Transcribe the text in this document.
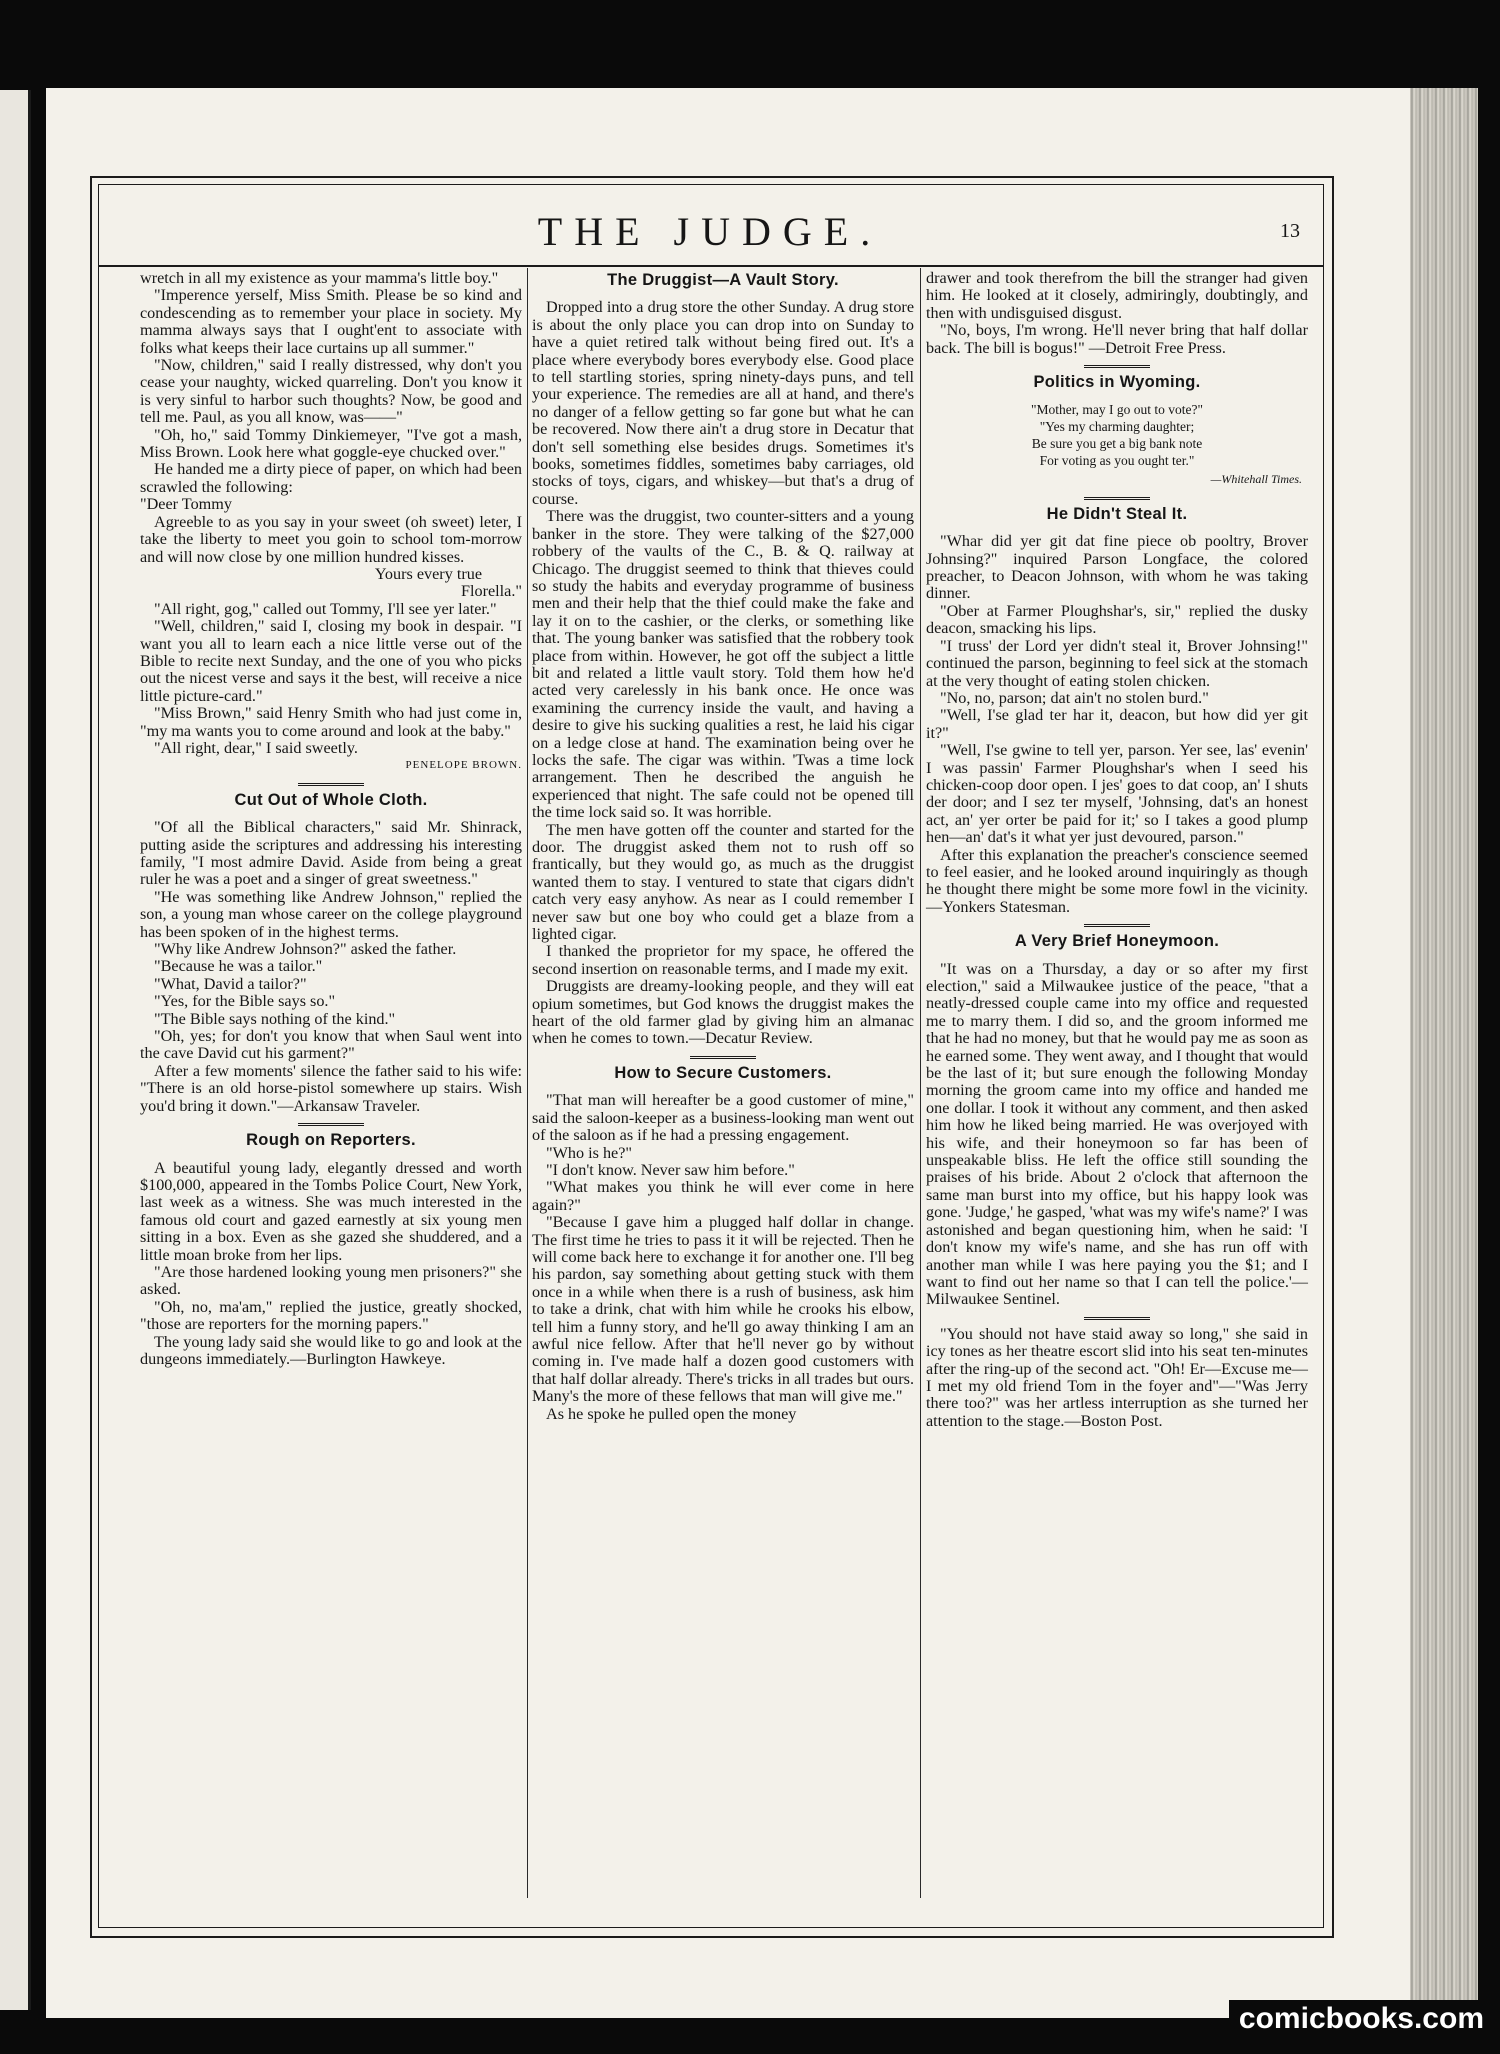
THE JUDGE.	13

wretch in all my existence as your mamma's little boy."

"Imperence yerself, Miss Smith. Please be so kind and condescending as to remember your place in society. My mamma always says that I ought'ent to associate with folks what keeps their lace curtains up all summer."

"Now, children," said I really distressed, why don't you cease your naughty, wicked quarreling. Don't you know it is very sinful to harbor such thoughts? Now, be good and tell me. Paul, as you all know, was——"

"Oh, ho," said Tommy Dinkiemeyer, "I've got a mash, Miss Brown. Look here what goggle-eye chucked over."

He handed me a dirty piece of paper, on which had been scrawled the following:

"Deer Tommy

Agreeble to as you say in your sweet (oh sweet) leter, I take the liberty to meet you goin to school tom-morrow and will now close by one million hundred kisses.

Yours every true

Florella."

"All right, gog," called out Tommy, I'll see yer later."

"Well, children," said I, closing my book in despair. "I want you all to learn each a nice little verse out of the Bible to recite next Sunday, and the one of you who picks out the nicest verse and says it the best, will receive a nice little picture-card."

"Miss Brown," said Henry Smith who had just come in, "my ma wants you to come around and look at the baby."

"All right, dear," I said sweetly.

PENELOPE BROWN.

Cut Out of Whole Cloth.

"Of all the Biblical characters," said Mr. Shinrack, putting aside the scriptures and addressing his interesting family, "I most admire David. Aside from being a great ruler he was a poet and a singer of great sweetness."

"He was something like Andrew Johnson," replied the son, a young man whose career on the college playground has been spoken of in the highest terms.

"Why like Andrew Johnson?" asked the father.

"Because he was a tailor."

"What, David a tailor?"

"Yes, for the Bible says so."

"The Bible says nothing of the kind."

"Oh, yes; for don't you know that when Saul went into the cave David cut his garment?"

After a few moments' silence the father said to his wife: "There is an old horse-pistol somewhere up stairs. Wish you'd bring it down."—Arkansaw Traveler.

Rough on Reporters.

A beautiful young lady, elegantly dressed and worth $100,000, appeared in the Tombs Police Court, New York, last week as a witness. She was much interested in the famous old court and gazed earnestly at six young men sitting in a box. Even as she gazed she shuddered, and a little moan broke from her lips.

"Are those hardened looking young men prisoners?" she asked.

"Oh, no, ma'am," replied the justice, greatly shocked, "those are reporters for the morning papers."

The young lady said she would like to go and look at the dungeons immediately.—Burlington Hawkeye.

The Druggist—A Vault Story.

Dropped into a drug store the other Sunday. A drug store is about the only place you can drop into on Sunday to have a quiet retired talk without being fired out. It's a place where everybody bores everybody else. Good place to tell startling stories, spring ninety-days puns, and tell your experience. The remedies are all at hand, and there's no danger of a fellow getting so far gone but what he can be recovered. Now there ain't a drug store in Decatur that don't sell something else besides drugs. Sometimes it's books, sometimes fiddles, sometimes baby carriages, old stocks of toys, cigars, and whiskey—but that's a drug of course.

There was the druggist, two counter-sitters and a young banker in the store. They were talking of the $27,000 robbery of the vaults of the C., B. & Q. railway at Chicago. The druggist seemed to think that thieves could so study the habits and everyday programme of business men and their help that the thief could make the fake and lay it on to the cashier, or the clerks, or something like that. The young banker was satisfied that the robbery took place from within. However, he got off the subject a little bit and related a little vault story. Told them how he'd acted very carelessly in his bank once. He once was examining the currency inside the vault, and having a desire to give his sucking qualities a rest, he laid his cigar on a ledge close at hand. The examination being over he locks the safe. The cigar was within. 'Twas a time lock arrangement. Then he described the anguish he experienced that night. The safe could not be opened till the time lock said so. It was horrible.

The men have gotten off the counter and started for the door. The druggist asked them not to rush off so frantically, but they would go, as much as the druggist wanted them to stay. I ventured to state that cigars didn't catch very easy anyhow. As near as I could remember I never saw but one boy who could get a blaze from a lighted cigar.

I thanked the proprietor for my space, he offered the second insertion on reasonable terms, and I made my exit.

Druggists are dreamy-looking people, and they will eat opium sometimes, but God knows the druggist makes the heart of the old farmer glad by giving him an almanac when he comes to town.—Decatur Review.

How to Secure Customers.

"That man will hereafter be a good customer of mine," said the saloon-keeper as a business-looking man went out of the saloon as if he had a pressing engagement.

"Who is he?"

"I don't know. Never saw him before."

"What makes you think he will ever come in here again?"

"Because I gave him a plugged half dollar in change. The first time he tries to pass it it will be rejected. Then he will come back here to exchange it for another one. I'll beg his pardon, say something about getting stuck with them once in a while when there is a rush of business, ask him to take a drink, chat with him while he crooks his elbow, tell him a funny story, and he'll go away thinking I am an awful nice fellow. After that he'll never go by without coming in. I've made half a dozen good customers with that half dollar already. There's tricks in all trades but ours. Many's the more of these fellows that man will give me."

As he spoke he pulled open the money

drawer and took therefrom the bill the stranger had given him. He looked at it closely, admiringly, doubtingly, and then with undisguised disgust.

"No, boys, I'm wrong. He'll never bring that half dollar back. The bill is bogus!" —Detroit Free Press.

Politics in Wyoming.
"Mother, may I go out to vote?"
"Yes my charming daughter;
Be sure you get a big bank note
For voting as you ought ter."
—Whitehall Times.
He Didn't Steal It.

"Whar did yer git dat fine piece ob pooltry, Brover Johnsing?" inquired Parson Longface, the colored preacher, to Deacon Johnson, with whom he was taking dinner.

"Ober at Farmer Ploughshar's, sir," replied the dusky deacon, smacking his lips.

"I truss' der Lord yer didn't steal it, Brover Johnsing!" continued the parson, beginning to feel sick at the stomach at the very thought of eating stolen chicken.

"No, no, parson; dat ain't no stolen burd."

"Well, I'se glad ter har it, deacon, but how did yer git it?"

"Well, I'se gwine to tell yer, parson. Yer see, las' evenin' I was passin' Farmer Ploughshar's when I seed his chicken-coop door open. I jes' goes to dat coop, an' I shuts der door; and I sez ter myself, 'Johnsing, dat's an honest act, an' yer orter be paid for it;' so I takes a good plump hen—an' dat's it what yer just devoured, parson."

After this explanation the preacher's conscience seemed to feel easier, and he looked around inquiringly as though he thought there might be some more fowl in the vicinity.—Yonkers Statesman.

A Very Brief Honeymoon.

"It was on a Thursday, a day or so after my first election," said a Milwaukee justice of the peace, "that a neatly-dressed couple came into my office and requested me to marry them. I did so, and the groom informed me that he had no money, but that he would pay me as soon as he earned some. They went away, and I thought that would be the last of it; but sure enough the following Monday morning the groom came into my office and handed me one dollar. I took it without any comment, and then asked him how he liked being married. He was overjoyed with his wife, and their honeymoon so far has been of unspeakable bliss. He left the office still sounding the praises of his bride. About 2 o'clock that afternoon the same man burst into my office, but his happy look was gone. 'Judge,' he gasped, 'what was my wife's name?' I was astonished and began questioning him, when he said: 'I don't know my wife's name, and she has run off with another man while I was here paying you the $1; and I want to find out her name so that I can tell the police.'—Milwaukee Sentinel.

"You should not have staid away so long," she said in icy tones as her theatre escort slid into his seat ten-minutes after the ring-up of the second act. "Oh! Er—Excuse me—I met my old friend Tom in the foyer and"—"Was Jerry there too?" was her artless interruption as she turned her attention to the stage.—Boston Post.

comicbooks.com
